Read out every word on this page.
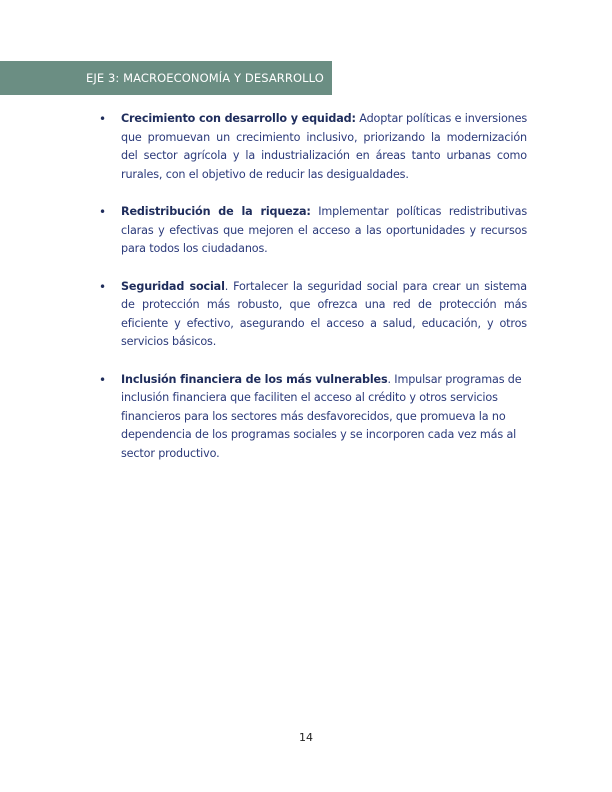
EJE 3: MACROECONOMÍA Y DESARROLLO
• Crecimiento con desarrollo y equidad: Adoptar políticas e inversiones que promuevan un crecimiento inclusivo, priorizando la modernización del sector agrícola y la industrialización en áreas tanto urbanas como rurales, con el objetivo de reducir las desigualdades.

• Redistribución de la riqueza: Implementar políticas redistributivas claras y efectivas que mejoren el acceso a las oportunidades y recursos para todos los ciudadanos.

• Seguridad social. Fortalecer la seguridad social para crear un sistema de protección más robusto, que ofrezca una red de protección más eficiente y efectivo, asegurando el acceso a salud, educación, y otros servicios básicos.

• Inclusión financiera de los más vulnerables. Impulsar programas de inclusión financiera que faciliten el acceso al crédito y otros servicios financieros para los sectores más desfavorecidos, que promueva la no dependencia de los programas sociales y se incorporen cada vez más al sector productivo.

14
